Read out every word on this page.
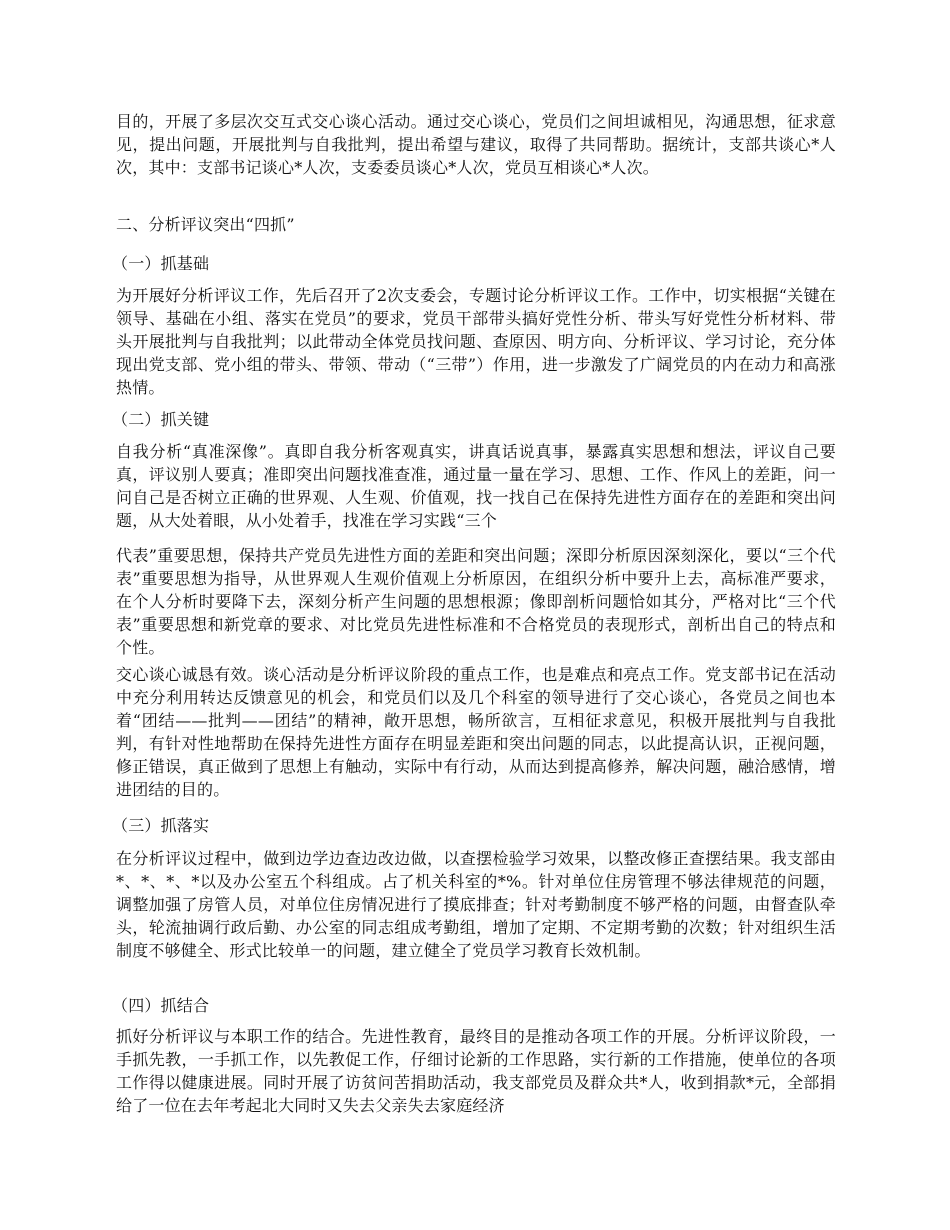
目的，开展了多层次交互式交心谈心活动。通过交心谈心，党员们之间坦诚相见，沟通思想，征求意见，提出问题，开展批判与自我批判，提出希望与建议，取得了共同帮助。据统计，支部共谈心*人次，其中：支部书记谈心*人次，支委委员谈心*人次，党员互相谈心*人次。
二、分析评议突出“四抓”
（一）抓基础
为开展好分析评议工作，先后召开了2次支委会，专题讨论分析评议工作。工作中，切实根据“关键在领导、基础在小组、落实在党员”的要求，党员干部带头搞好党性分析、带头写好党性分析材料、带头开展批判与自我批判；以此带动全体党员找问题、查原因、明方向、分析评议、学习讨论，充分体现出党支部、党小组的带头、带领、带动（“三带”）作用，进一步激发了广阔党员的内在动力和高涨热情。
（二）抓关键
自我分析“真准深像”。真即自我分析客观真实，讲真话说真事，暴露真实思想和想法，评议自己要真，评议别人要真；准即突出问题找准查准，通过量一量在学习、思想、工作、作风上的差距，问一问自己是否树立正确的世界观、人生观、价值观，找一找自己在保持先进性方面存在的差距和突出问题，从大处着眼，从小处着手，找准在学习实践“三个
代表”重要思想，保持共产党员先进性方面的差距和突出问题；深即分析原因深刻深化，要以“三个代表”重要思想为指导，从世界观人生观价值观上分析原因，在组织分析中要升上去，高标准严要求，在个人分析时要降下去，深刻分析产生问题的思想根源；像即剖析问题恰如其分，严格对比“三个代表”重要思想和新党章的要求、对比党员先进性标准和不合格党员的表现形式，剖析出自己的特点和个性。
交心谈心诚恳有效。谈心活动是分析评议阶段的重点工作，也是难点和亮点工作。党支部书记在活动中充分利用转达反馈意见的机会，和党员们以及几个科室的领导进行了交心谈心，各党员之间也本着“团结——批判——团结”的精神，敞开思想，畅所欲言，互相征求意见，积极开展批判与自我批判，有针对性地帮助在保持先进性方面存在明显差距和突出问题的同志，以此提高认识，正视问题，修正错误，真正做到了思想上有触动，实际中有行动，从而达到提高修养，解决问题，融洽感情，增进团结的目的。
（三）抓落实
在分析评议过程中，做到边学边查边改边做，以查摆检验学习效果，以整改修正查摆结果。我支部由*、*、*、*以及办公室五个科组成。占了机关科室的*%。针对单位住房管理不够法律规范的问题，调整加强了房管人员，对单位住房情况进行了摸底排查；针对考勤制度不够严格的问题，由督查队牵头，轮流抽调行政后勤、办公室的同志组成考勤组，增加了定期、不定期考勤的次数；针对组织生活制度不够健全、形式比较单一的问题，建立健全了党员学习教育长效机制。
（四）抓结合
抓好分析评议与本职工作的结合。先进性教育，最终目的是推动各项工作的开展。分析评议阶段，一手抓先教，一手抓工作，以先教促工作，仔细讨论新的工作思路，实行新的工作措施，使单位的各项工作得以健康进展。同时开展了访贫问苦捐助活动，我支部党员及群众共*人，收到捐款*元，全部捐给了一位在去年考起北大同时又失去父亲失去家庭经济
